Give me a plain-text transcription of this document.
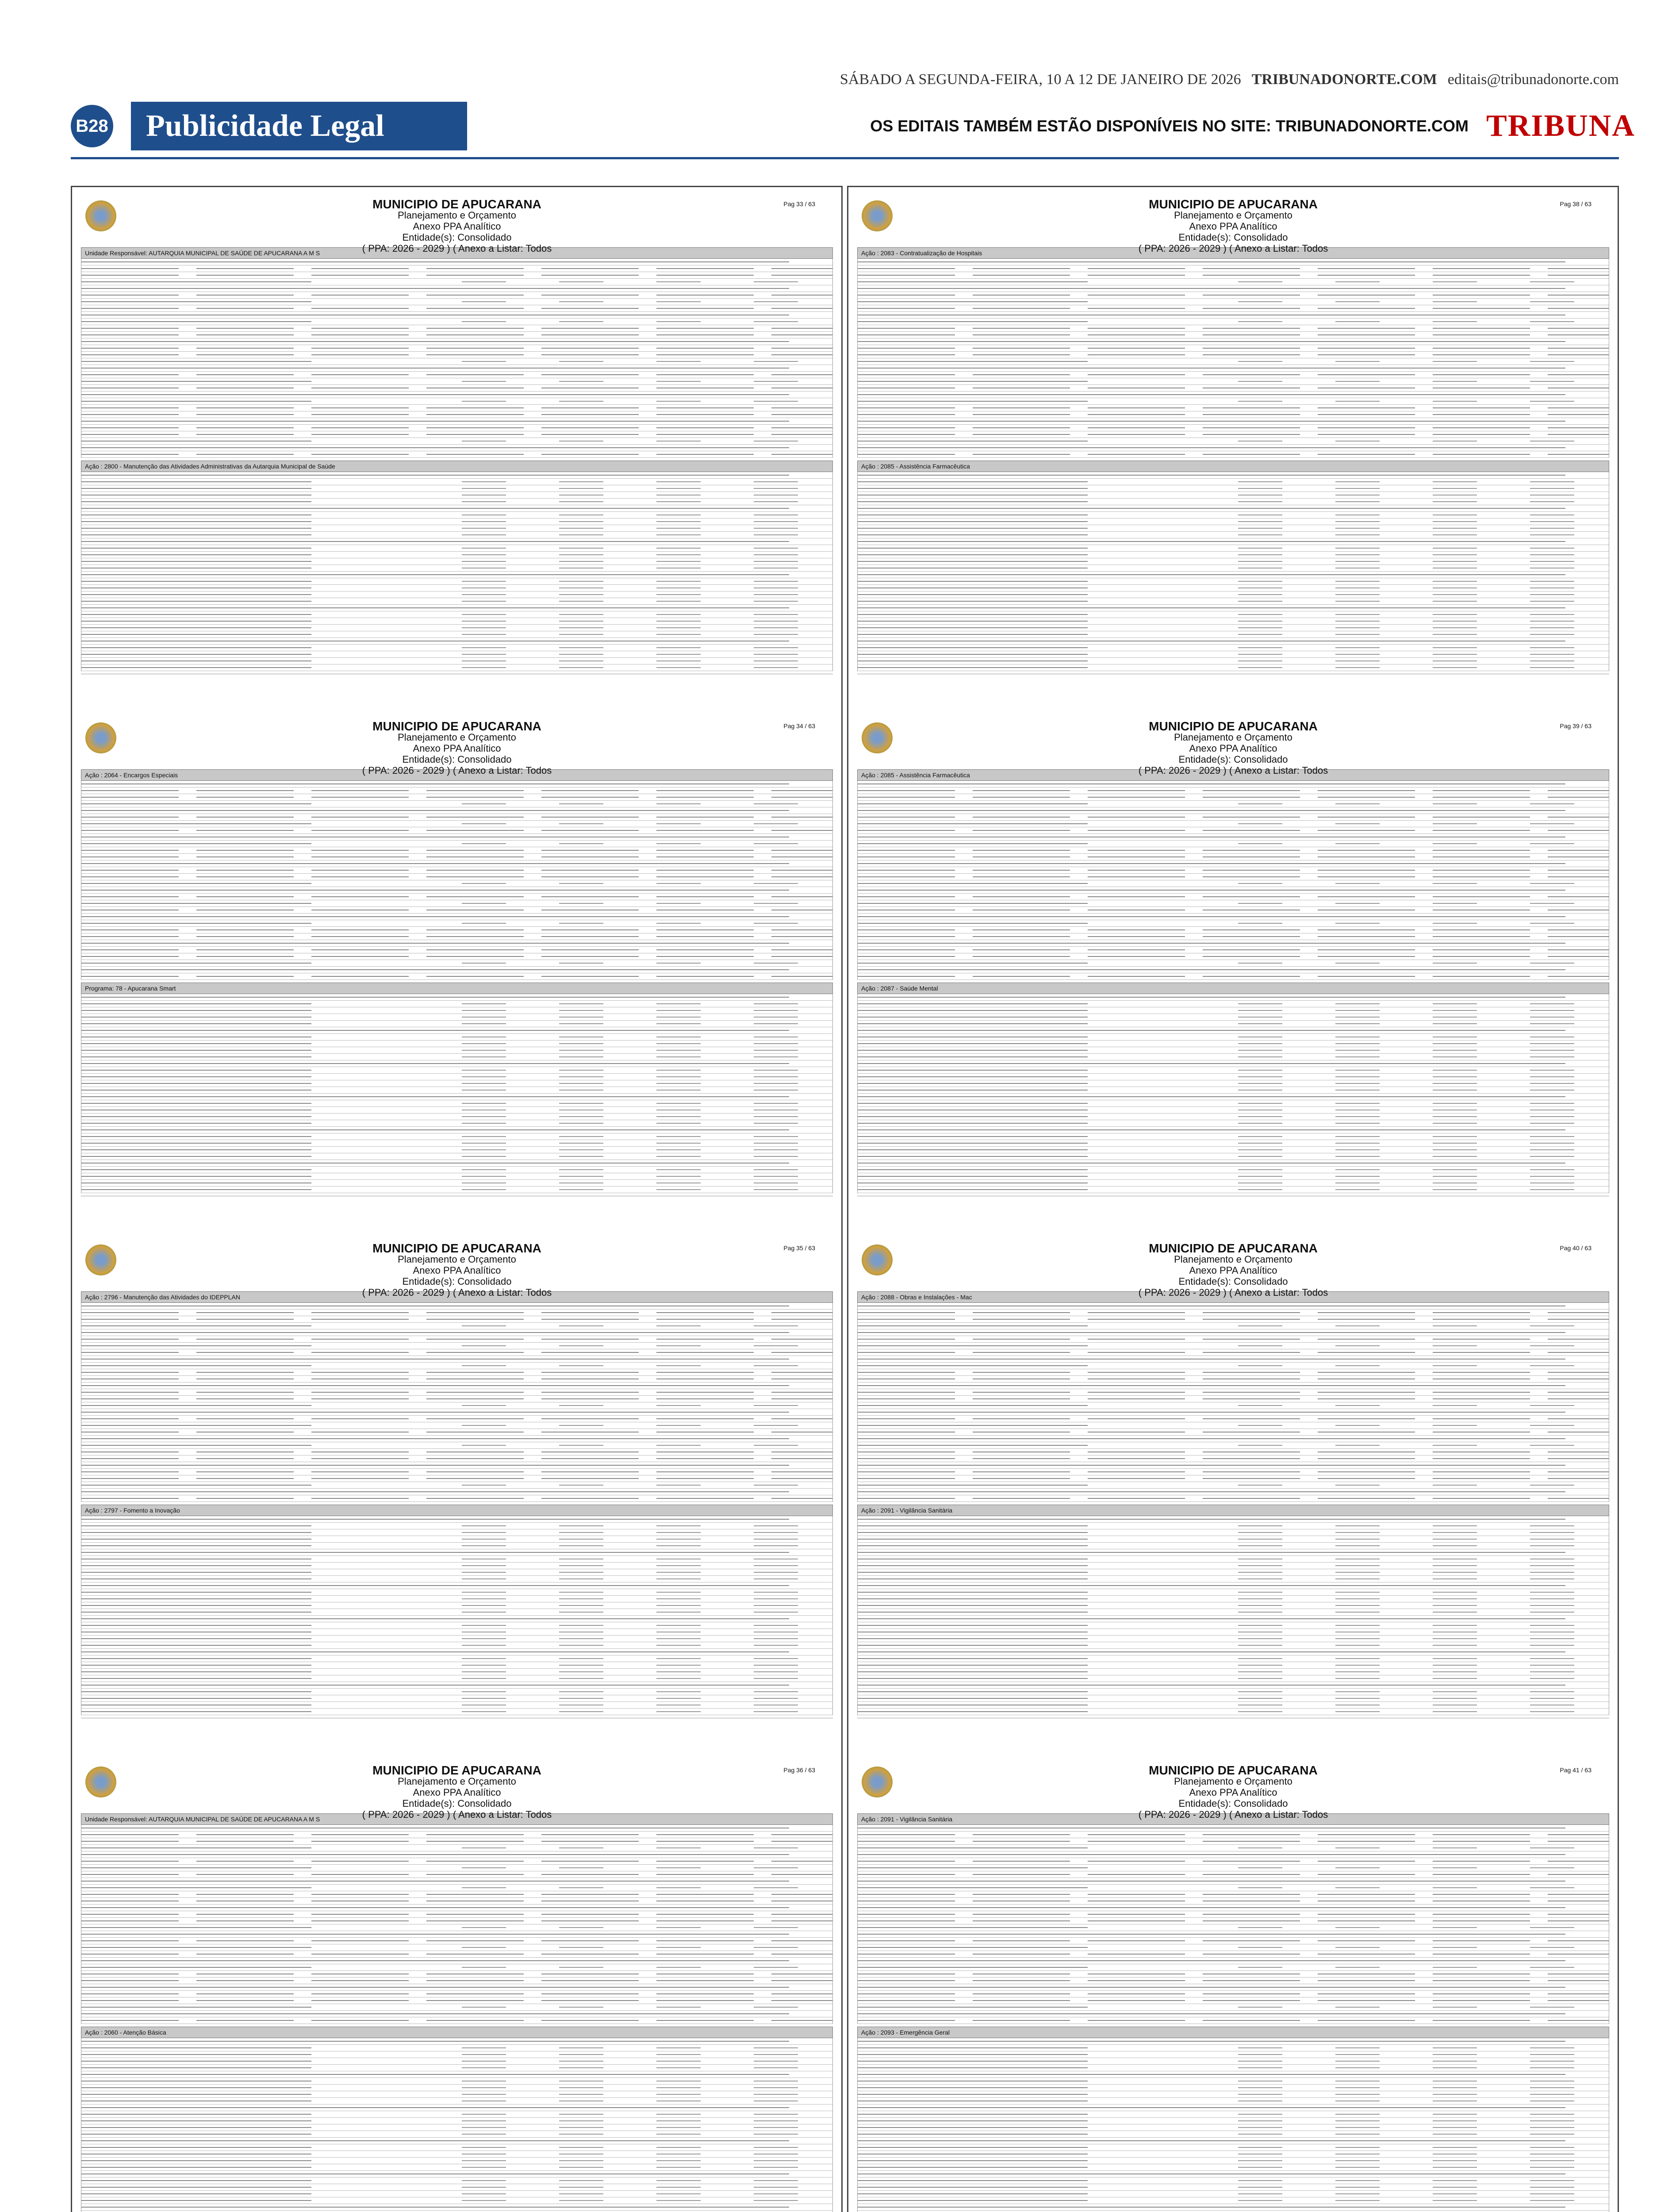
SÁBADO A SEGUNDA-FEIRA, 10 A 12 DE JANEIRO DE 2026 TRIBUNADONORTE.COM editais@tribunadonorte.com
B28	Publicidade Legal	OS EDITAIS TAMBÉM ESTÃO DISPONÍVEIS NO SITE: TRIBUNADONORTE.COM TRIBUNA
MUNICIPIO DE APUCARANA
Planejamento e Orçamento
Anexo PPA Analítico
Entidade(s): Consolidado
( PPA: 2026 - 2029 ) ( Anexo a Listar: Todos
Pag 33 / 63
Unidade Responsável: AUTARQUIA MUNICIPAL DE SAÚDE DE APUCARANA A M S
Ação : 2800 - Manutenção das Atividades Administrativas da Autarquia Municipal de Saúde
MUNICIPIO DE APUCARANA
Planejamento e Orçamento
Anexo PPA Analítico
Entidade(s): Consolidado
( PPA: 2026 - 2029 ) ( Anexo a Listar: Todos
Pag 34 / 63
Ação : 2064 - Encargos Especiais
Programa: 78 - Apucarana Smart
MUNICIPIO DE APUCARANA
Planejamento e Orçamento
Anexo PPA Analítico
Entidade(s): Consolidado
( PPA: 2026 - 2029 ) ( Anexo a Listar: Todos
Pag 35 / 63
Ação : 2796 - Manutenção das Atividades do IDEPPLAN
Ação : 2797 - Fomento a Inovação
MUNICIPIO DE APUCARANA
Planejamento e Orçamento
Anexo PPA Analítico
Entidade(s): Consolidado
( PPA: 2026 - 2029 ) ( Anexo a Listar: Todos
Pag 36 / 63
Unidade Responsável: AUTARQUIA MUNICIPAL DE SAÚDE DE APUCARANA A M S
Ação : 2060 - Atenção Básica
MUNICIPIO DE APUCARANA
Planejamento e Orçamento
Anexo PPA Analítico
Entidade(s): Consolidado
( PPA: 2026 - 2029 ) ( Anexo a Listar: Todos
Pag 38 / 63
Ação : 2083 - Contratualização de Hospitais
Ação : 2085 - Assistência Farmacêutica
MUNICIPIO DE APUCARANA
Planejamento e Orçamento
Anexo PPA Analítico
Entidade(s): Consolidado
( PPA: 2026 - 2029 ) ( Anexo a Listar: Todos
Pag 39 / 63
Ação : 2085 - Assistência Farmacêutica
Ação : 2087 - Saúde Mental
MUNICIPIO DE APUCARANA
Planejamento e Orçamento
Anexo PPA Analítico
Entidade(s): Consolidado
( PPA: 2026 - 2029 ) ( Anexo a Listar: Todos
Pag 40 / 63
Ação : 2088 - Obras e Instalações - Mac
Ação : 2091 - Vigilância Sanitária
MUNICIPIO DE APUCARANA
Planejamento e Orçamento
Anexo PPA Analítico
Entidade(s): Consolidado
( PPA: 2026 - 2029 ) ( Anexo a Listar: Todos
Pag 41 / 63
Ação : 2091 - Vigilância Sanitária
Ação : 2093 - Emergência Geral
